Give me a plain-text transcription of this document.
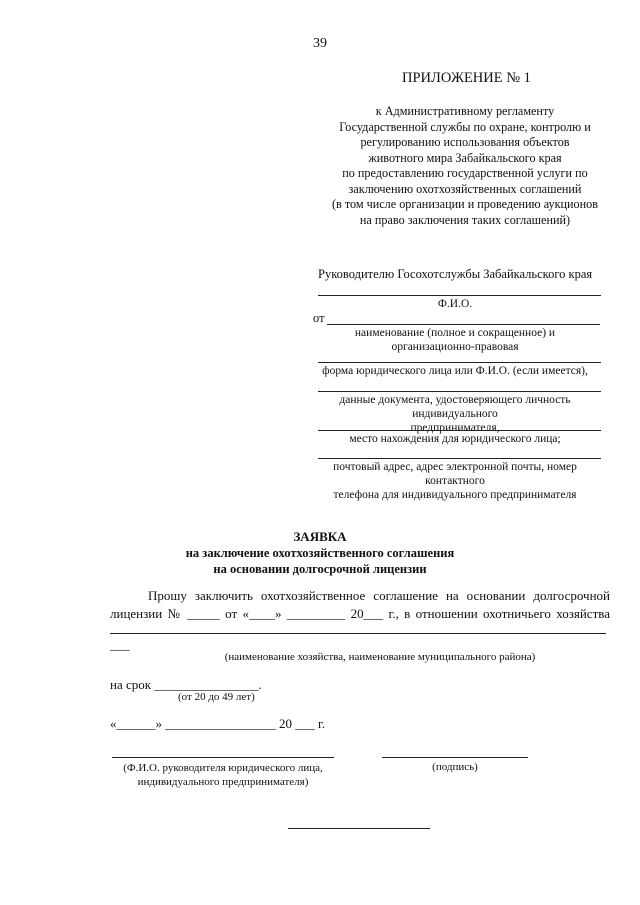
39
ПРИЛОЖЕНИЕ № 1
к Административному регламенту
Государственной службы по охране, контролю и
регулированию использования объектов
животного мира Забайкальского края
по предоставлению государственной услуги по
заключению охотхозяйственных соглашений
(в том числе организации и проведению аукционов
на право заключения таких соглашений)
Руководителю Госохотслужбы Забайкальского края
Ф.И.О.
от
наименование (полное и сокращенное) и
организационно-правовая
форма юридического лица или Ф.И.О. (если имеется),
данные документа, удостоверяющего личность индивидуального
предпринимателя,
место нахождения для юридического лица;
почтовый адрес, адрес электронной почты, номер контактного
телефона для индивидуального предпринимателя
ЗАЯВКА
на заключение охотхозяйственного соглашения
на основании долгосрочной лицензии
Прошу заключить охотхозяйственное соглашение на основании долгосрочной
лицензии № _____ от «____» _________ 20___ г., в отношении охотничьего хозяйства
___
(наименование хозяйства, наименование муниципального района)
на срок ________________.
(от 20 до 49 лет)
«______» _________________ 20 ___ г.
(Ф.И.О. руководителя юридического лица,
индивидуального предпринимателя)
(подпись)
